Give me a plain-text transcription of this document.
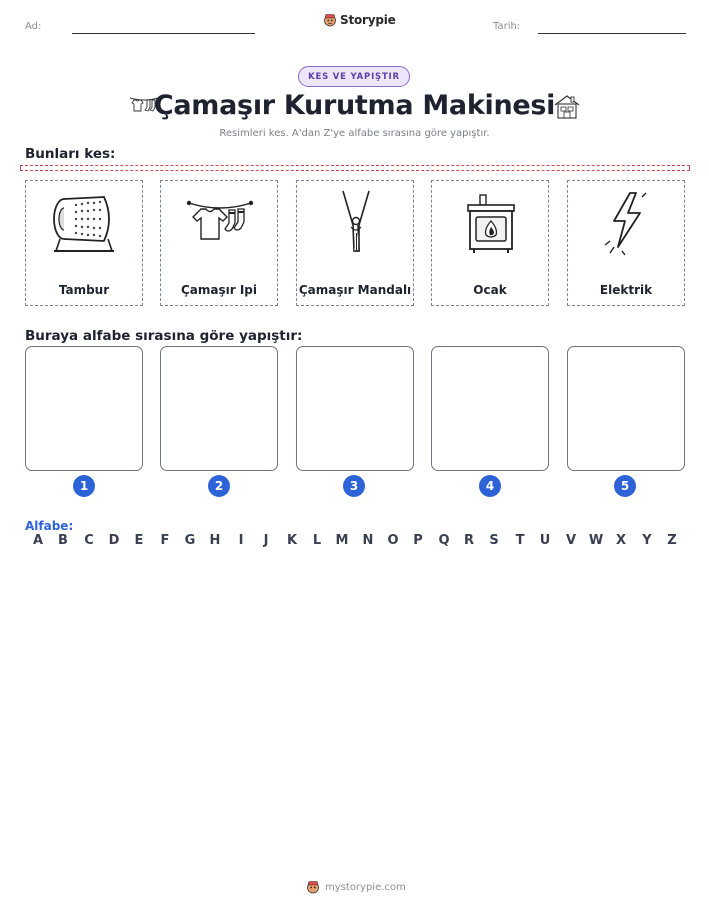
Ad:	Storypie	Tarih:
KES VE YAPIŞTIR
Çamaşır Kurutma Makinesi
Resimleri kes. A'dan Z'ye alfabe sırasına göre yapıştır.
Bunları kes:
Tambur	Çamaşır Ipi	Çamaşır Mandalı	Ocak	Elektrik
Buraya alfabe sırasına göre yapıştır:
1	2	3	4	5
Alfabe:
A	B	C	D	E	F	G	H	I	J	K	L	M	N	O	P	Q	R	S	T	U	V W X	Y	Z
mystorypie.com
